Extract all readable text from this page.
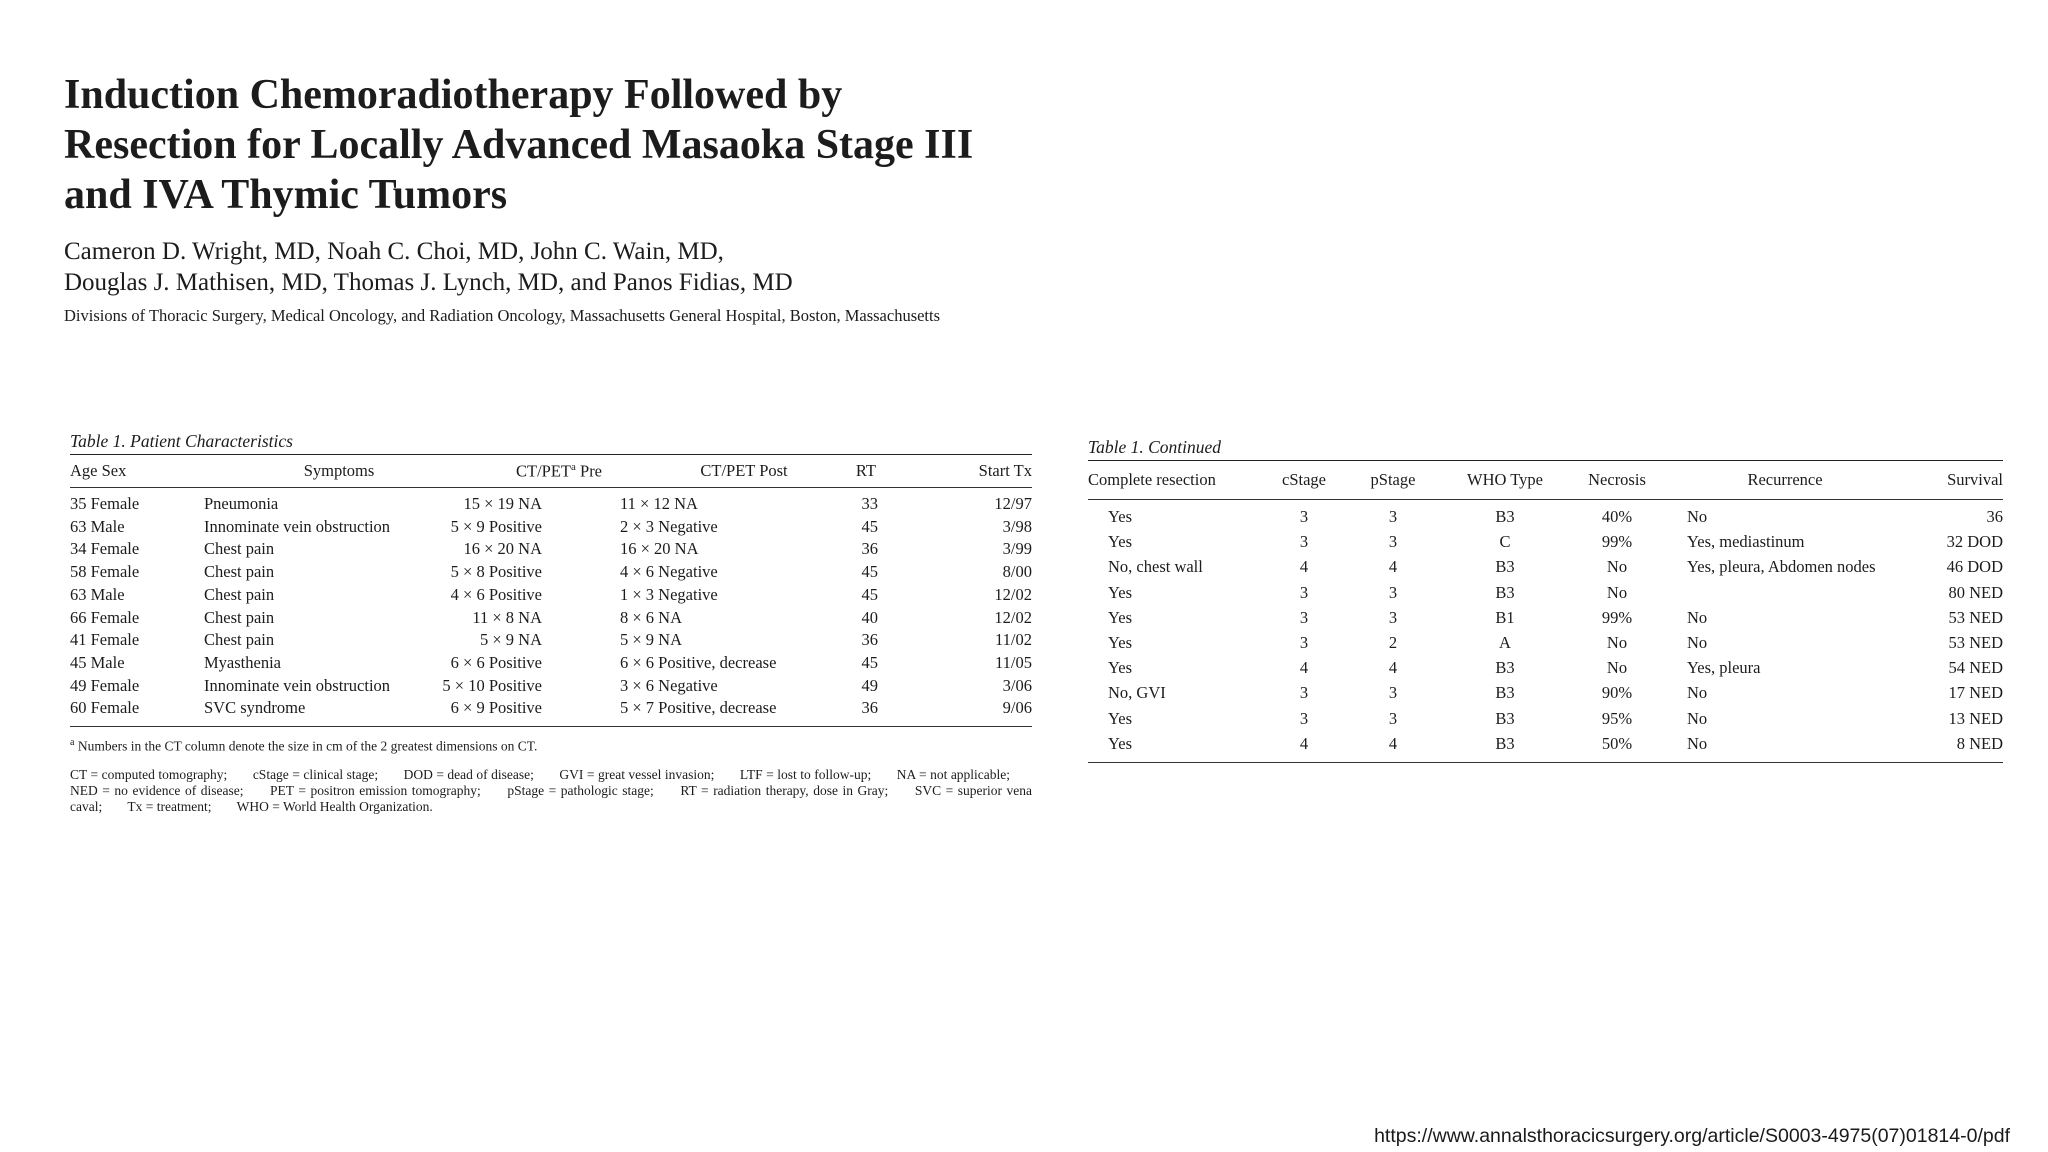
Induction Chemoradiotherapy Followed by
Resection for Locally Advanced Masaoka Stage III
and IVA Thymic Tumors
Cameron D. Wright, MD, Noah C. Choi, MD, John C. Wain, MD,
Douglas J. Mathisen, MD, Thomas J. Lynch, MD, and Panos Fidias, MD
Divisions of Thoracic Surgery, Medical Oncology, and Radiation Oncology, Massachusetts General Hospital, Boston, Massachusetts
Table 1. Patient Characteristics
Age Sex	Symptoms	CT/PET$^a$ Pre	CT/PET Post	RT	Start Tx
35 Female	Pneumonia	15 × 19 NA	11 × 12 NA	33	12/97
63 Male	Innominate vein obstruction	5 × 9 Positive	2 × 3 Negative	45	3/98
34 Female	Chest pain	16 × 20 NA	16 × 20 NA	36	3/99
58 Female	Chest pain	5 × 8 Positive	4 × 6 Negative	45	8/00
63 Male	Chest pain	4 × 6 Positive	1 × 3 Negative	45	12/02
66 Female	Chest pain	11 × 8 NA	8 × 6 NA	40	12/02
41 Female	Chest pain	5 × 9 NA	5 × 9 NA	36	11/02
45 Male	Myasthenia	6 × 6 Positive	6 × 6 Positive, decrease	45	11/05
49 Female	Innominate vein obstruction	5 × 10 Positive	3 × 6 Negative	49	3/06
60 Female	SVC syndrome	6 × 9 Positive	5 × 7 Positive, decrease	36	9/06
$^a$ Numbers in the CT column denote the size in cm of the 2 greatest dimensions on CT.
CT = computed tomography; cStage = clinical stage; DOD = dead of disease; GVI = great vessel invasion; LTF = lost to follow-up; NA = not applicable; NED = no evidence of disease; PET = positron emission tomography; pStage = pathologic stage; RT = radiation therapy, dose in Gray; SVC = superior vena caval; Tx = treatment; WHO = World Health Organization.
Table 1. Continued
Complete resection	cStage	pStage	WHO Type	Necrosis	Recurrence	Survival
Yes	3	3	B3	40%	No	36
Yes	3	3	C	99%	Yes, mediastinum	32 DOD
No, chest wall	4	4	B3	No	Yes, pleura, Abdomen nodes	46 DOD
Yes	3	3	B3	No		80 NED
Yes	3	3	B1	99%	No	53 NED
Yes	3	2	A	No	No	53 NED
Yes	4	4	B3	No	Yes, pleura	54 NED
No, GVI	3	3	B3	90%	No	17 NED
Yes	3	3	B3	95%	No	13 NED
Yes	4	4	B3	50%	No	8 NED
https://www.annalsthoracicsurgery.org/article/S0003-4975(07)01814-0/pdf
